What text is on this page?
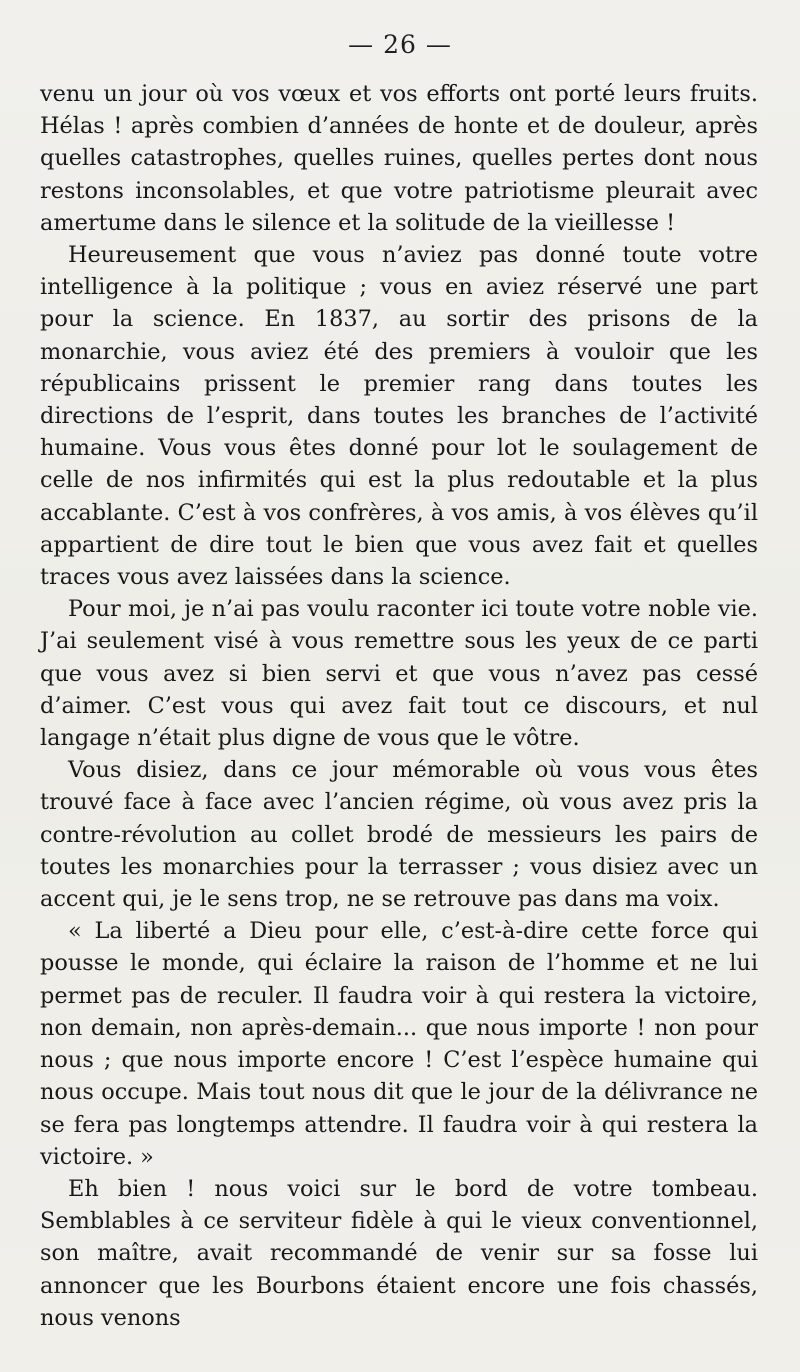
— 26 —

venu un jour où vos vœux et vos efforts ont porté leurs fruits. Hélas ! après combien d’années de honte et de douleur, après quelles catastrophes, quelles ruines, quelles pertes dont nous restons inconsolables, et que votre patriotisme pleurait avec amertume dans le silence et la solitude de la vieillesse !

Heureusement que vous n’aviez pas donné toute votre intelligence à la politique ; vous en aviez réservé une part pour la science. En 1837, au sortir des prisons de la monarchie, vous aviez été des premiers à vouloir que les républicains prissent le premier rang dans toutes les directions de l’esprit, dans toutes les branches de l’activité humaine. Vous vous êtes donné pour lot le soulagement de celle de nos infirmités qui est la plus redoutable et la plus accablante. C’est à vos confrères, à vos amis, à vos élèves qu’il appartient de dire tout le bien que vous avez fait et quelles traces vous avez laissées dans la science.

Pour moi, je n’ai pas voulu raconter ici toute votre noble vie. J’ai seulement visé à vous remettre sous les yeux de ce parti que vous avez si bien servi et que vous n’avez pas cessé d’aimer. C’est vous qui avez fait tout ce discours, et nul langage n’était plus digne de vous que le vôtre.

Vous disiez, dans ce jour mémorable où vous vous êtes trouvé face à face avec l’ancien régime, où vous avez pris la contre-révolution au collet brodé de messieurs les pairs de toutes les monarchies pour la terrasser ; vous disiez avec un accent qui, je le sens trop, ne se retrouve pas dans ma voix.

« La liberté a Dieu pour elle, c’est-à-dire cette force qui pousse le monde, qui éclaire la raison de l’homme et ne lui permet pas de reculer. Il faudra voir à qui restera la victoire, non demain, non après-demain... que nous importe ! non pour nous ; que nous importe encore ! C’est l’espèce humaine qui nous occupe. Mais tout nous dit que le jour de la délivrance ne se fera pas longtemps attendre. Il faudra voir à qui restera la victoire. »

Eh bien ! nous voici sur le bord de votre tombeau. Semblables à ce serviteur fidèle à qui le vieux conventionnel, son maître, avait recommandé de venir sur sa fosse lui annoncer que les Bourbons étaient encore une fois chassés, nous venons
